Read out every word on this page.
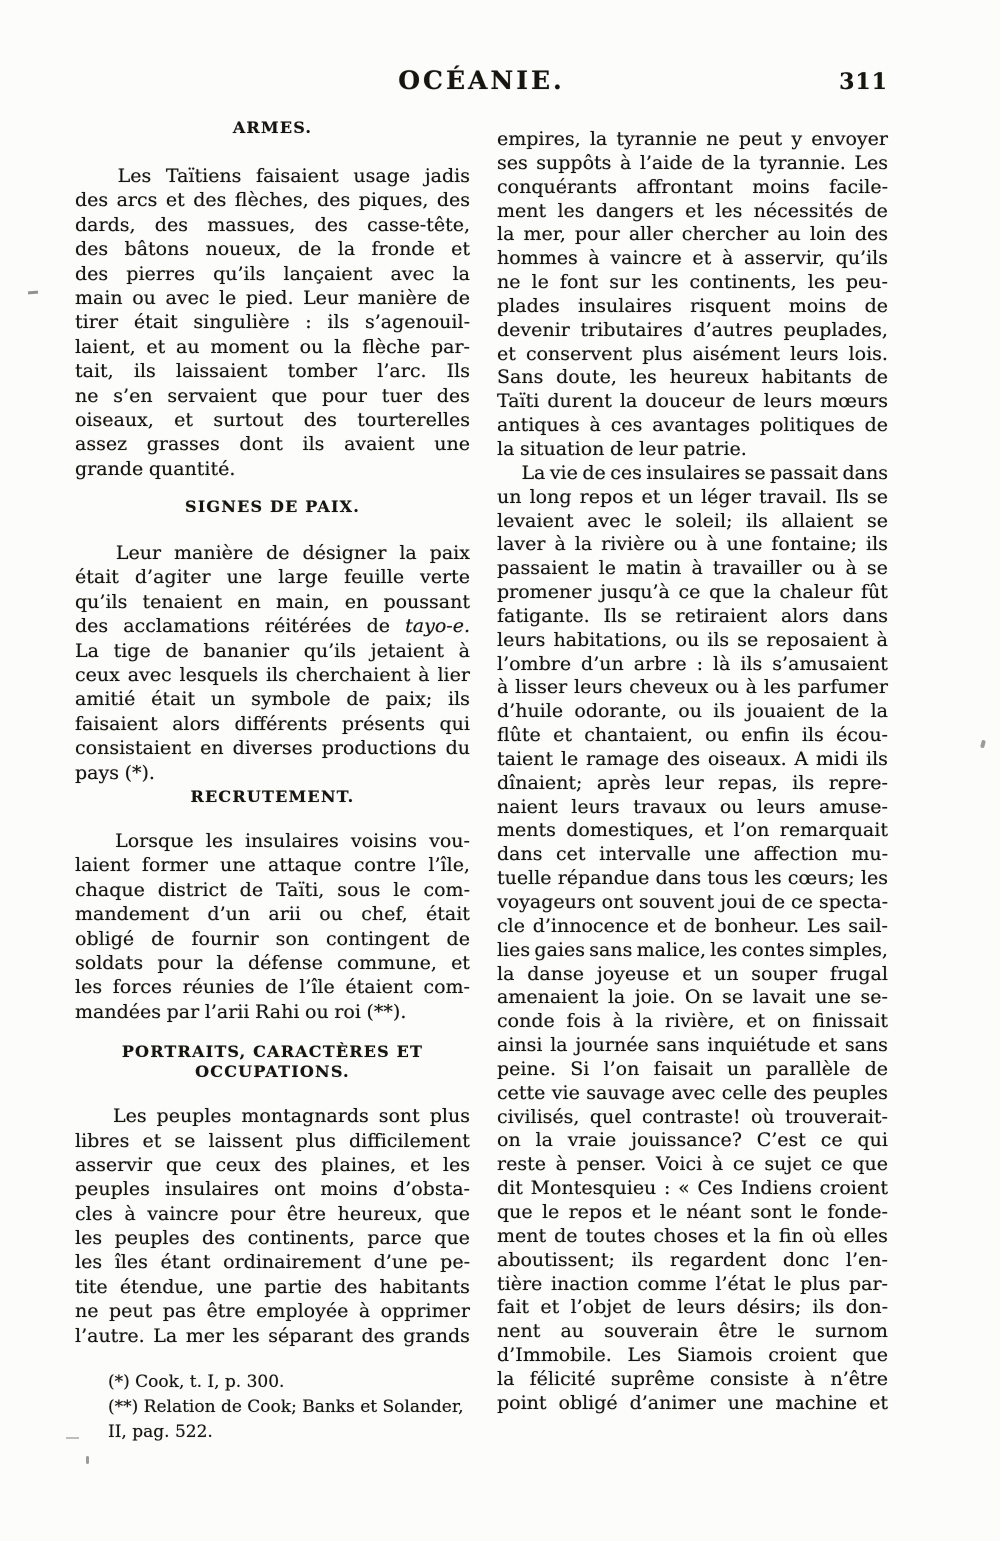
OCÉANIE.	311
ARMES.
Les Taïtiens faisaient usage jadis
des arcs et des flèches, des piques, des
dards, des massues, des casse-tête,
des bâtons noueux, de la fronde et
des pierres qu’ils lançaient avec la
main ou avec le pied. Leur manière de
tirer était singulière : ils s’agenouil-
laient, et au moment ou la flèche par-
tait, ils laissaient tomber l’arc. Ils
ne s’en servaient que pour tuer des
oiseaux, et surtout des tourterelles
assez grasses dont ils avaient une
grande quantité.
SIGNES DE PAIX.
Leur manière de désigner la paix
était d’agiter une large feuille verte
qu’ils tenaient en main, en poussant
des acclamations réitérées de tayo-e.
La tige de bananier qu’ils jetaient à
ceux avec lesquels ils cherchaient à lier
amitié était un symbole de paix; ils
faisaient alors différents présents qui
consistaient en diverses productions du
pays (*).
RECRUTEMENT.
Lorsque les insulaires voisins vou-
laient former une attaque contre l’île,
chaque district de Taïti, sous le com-
mandement d’un arii ou chef, était
obligé de fournir son contingent de
soldats pour la défense commune, et
les forces réunies de l’île étaient com-
mandées par l’arii Rahi ou roi (**).
PORTRAITS, CARACTÈRES ET OCCUPATIONS.
Les peuples montagnards sont plus
libres et se laissent plus difficilement
asservir que ceux des plaines, et les
peuples insulaires ont moins d’obsta-
cles à vaincre pour être heureux, que
les peuples des continents, parce que
les îles étant ordinairement d’une pe-
tite étendue, une partie des habitants
ne peut pas être employée à opprimer
l’autre. La mer les séparant des grands
(*) Cook, t. I, p. 300.
(**) Relation de Cook; Banks et Solander,
II, pag. 522.
empires, la tyrannie ne peut y envoyer
ses suppôts à l’aide de la tyrannie. Les
conquérants affrontant moins facile-
ment les dangers et les nécessités de
la mer, pour aller chercher au loin des
hommes à vaincre et à asservir, qu’ils
ne le font sur les continents, les peu-
plades insulaires risquent moins de
devenir tributaires d’autres peuplades,
et conservent plus aisément leurs lois.
Sans doute, les heureux habitants de
Taïti durent la douceur de leurs mœurs
antiques à ces avantages politiques de
la situation de leur patrie.
La vie de ces insulaires se passait dans
un long repos et un léger travail. Ils se
levaient avec le soleil; ils allaient se
laver à la rivière ou à une fontaine; ils
passaient le matin à travailler ou à se
promener jusqu’à ce que la chaleur fût
fatigante. Ils se retiraient alors dans
leurs habitations, ou ils se reposaient à
l’ombre d’un arbre : là ils s’amusaient
à lisser leurs cheveux ou à les parfumer
d’huile odorante, ou ils jouaient de la
flûte et chantaient, ou enfin ils écou-
taient le ramage des oiseaux. A midi ils
dînaient; après leur repas, ils repre-
naient leurs travaux ou leurs amuse-
ments domestiques, et l’on remarquait
dans cet intervalle une affection mu-
tuelle répandue dans tous les cœurs; les
voyageurs ont souvent joui de ce specta-
cle d’innocence et de bonheur. Les sail-
lies gaies sans malice, les contes simples,
la danse joyeuse et un souper frugal
amenaient la joie. On se lavait une se-
conde fois à la rivière, et on finissait
ainsi la journée sans inquiétude et sans
peine. Si l’on faisait un parallèle de
cette vie sauvage avec celle des peuples
civilisés, quel contraste! où trouverait-
on la vraie jouissance? C’est ce qui
reste à penser. Voici à ce sujet ce que
dit Montesquieu : « Ces Indiens croient
que le repos et le néant sont le fonde-
ment de toutes choses et la fin où elles
aboutissent; ils regardent donc l’en-
tière inaction comme l’état le plus par-
fait et l’objet de leurs désirs; ils don-
nent au souverain être le surnom
d’Immobile. Les Siamois croient que
la félicité suprême consiste à n’être
point obligé d’animer une machine et
